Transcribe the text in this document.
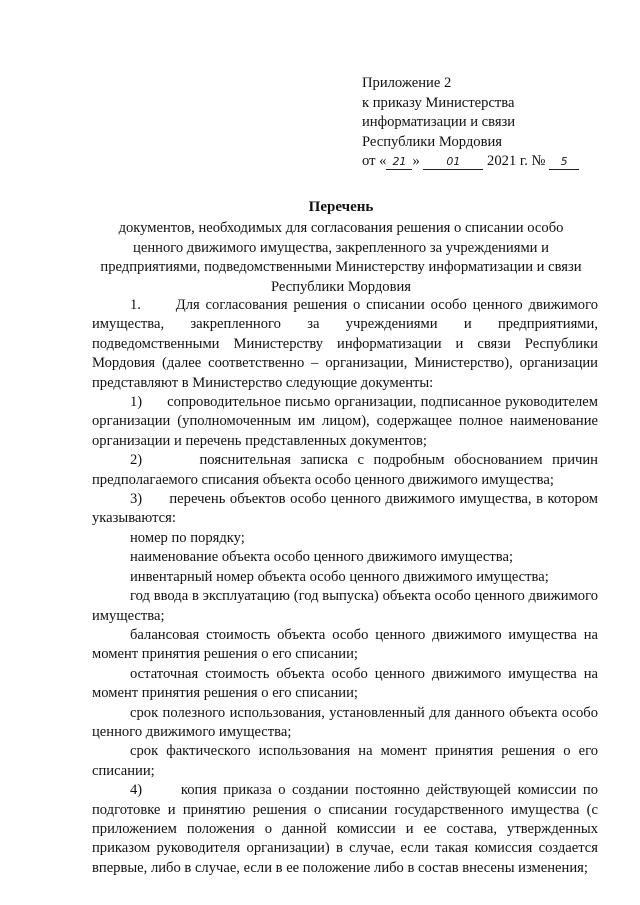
Приложение 2
к приказу Министерства
информатизации и связи
Республики Мордовия
от « 21 » 01 2021 г. № 5
Перечень
документов, необходимых для согласования решения о списании особо
ценного движимого имущества, закрепленного за учреждениями и
предприятиями, подведомственными Министерству информатизации и связи
Республики Мордовия

1.      Для согласования решения о списании особо ценного движимого имущества, закрепленного за учреждениями и предприятиями, подведомственными Министерству информатизации и связи Республики Мордовия (далее соответственно – организации, Министерство), организации представляют в Министерство следующие документы:

1)      сопроводительное письмо организации, подписанное руководителем организации (уполномоченным им лицом), содержащее полное наименование организации и перечень представленных документов;

2)      пояснительная записка с подробным обоснованием причин предполагаемого списания объекта особо ценного движимого имущества;

3)      перечень объектов особо ценного движимого имущества, в котором указываются:

номер по порядку;

наименование объекта особо ценного движимого имущества;

инвентарный номер объекта особо ценного движимого имущества;

год ввода в эксплуатацию (год выпуска) объекта особо ценного движимого имущества;

балансовая стоимость объекта особо ценного движимого имущества на момент принятия решения о его списании;

остаточная стоимость объекта особо ценного движимого имущества на момент принятия решения о его списании;

срок полезного использования, установленный для данного объекта особо ценного движимого имущества;

срок фактического использования на момент принятия решения о его списании;

4)      копия приказа о создании постоянно действующей комиссии по подготовке и принятию решения о списании государственного имущества (с приложением положения о данной комиссии и ее состава, утвержденных приказом руководителя организации) в случае, если такая комиссия создается впервые, либо в случае, если в ее положение либо в состав внесены изменения;
